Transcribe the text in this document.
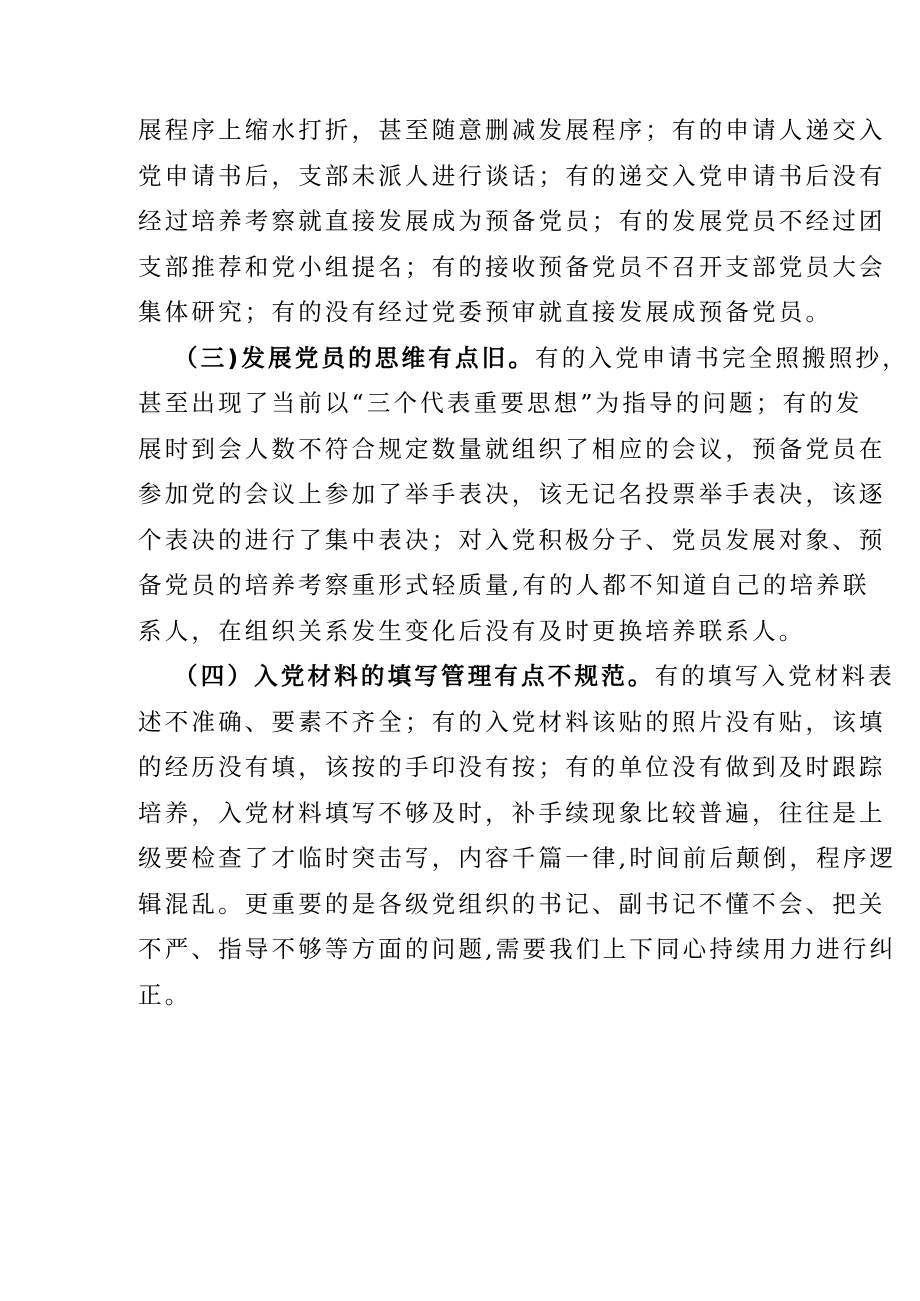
展程序上缩水打折，甚至随意删减发展程序；有的申请人递交入
党申请书后，支部未派人进行谈话；有的递交入党申请书后没有
经过培养考察就直接发展成为预备党员；有的发展党员不经过团
支部推荐和党小组提名；有的接收预备党员不召开支部党员大会
集体研究；有的没有经过党委预审就直接发展成预备党员。

（三)发展党员的思维有点旧。有的入党申请书完全照搬照抄，
甚至出现了当前以“三个代表重要思想”为指导的问题；有的发
展时到会人数不符合规定数量就组织了相应的会议，预备党员在
参加党的会议上参加了举手表决，该无记名投票举手表决，该逐
个表决的进行了集中表决；对入党积极分子、党员发展对象、预
备党员的培养考察重形式轻质量,有的人都不知道自己的培养联
系人，在组织关系发生变化后没有及时更换培养联系人。

（四）入党材料的填写管理有点不规范。有的填写入党材料表
述不准确、要素不齐全；有的入党材料该贴的照片没有贴，该填
的经历没有填，该按的手印没有按；有的单位没有做到及时跟踪
培养，入党材料填写不够及时，补手续现象比较普遍，往往是上
级要检查了才临时突击写，内容千篇一律,时间前后颠倒，程序逻
辑混乱。更重要的是各级党组织的书记、副书记不懂不会、把关
不严、指导不够等方面的问题,需要我们上下同心持续用力进行纠
正。
